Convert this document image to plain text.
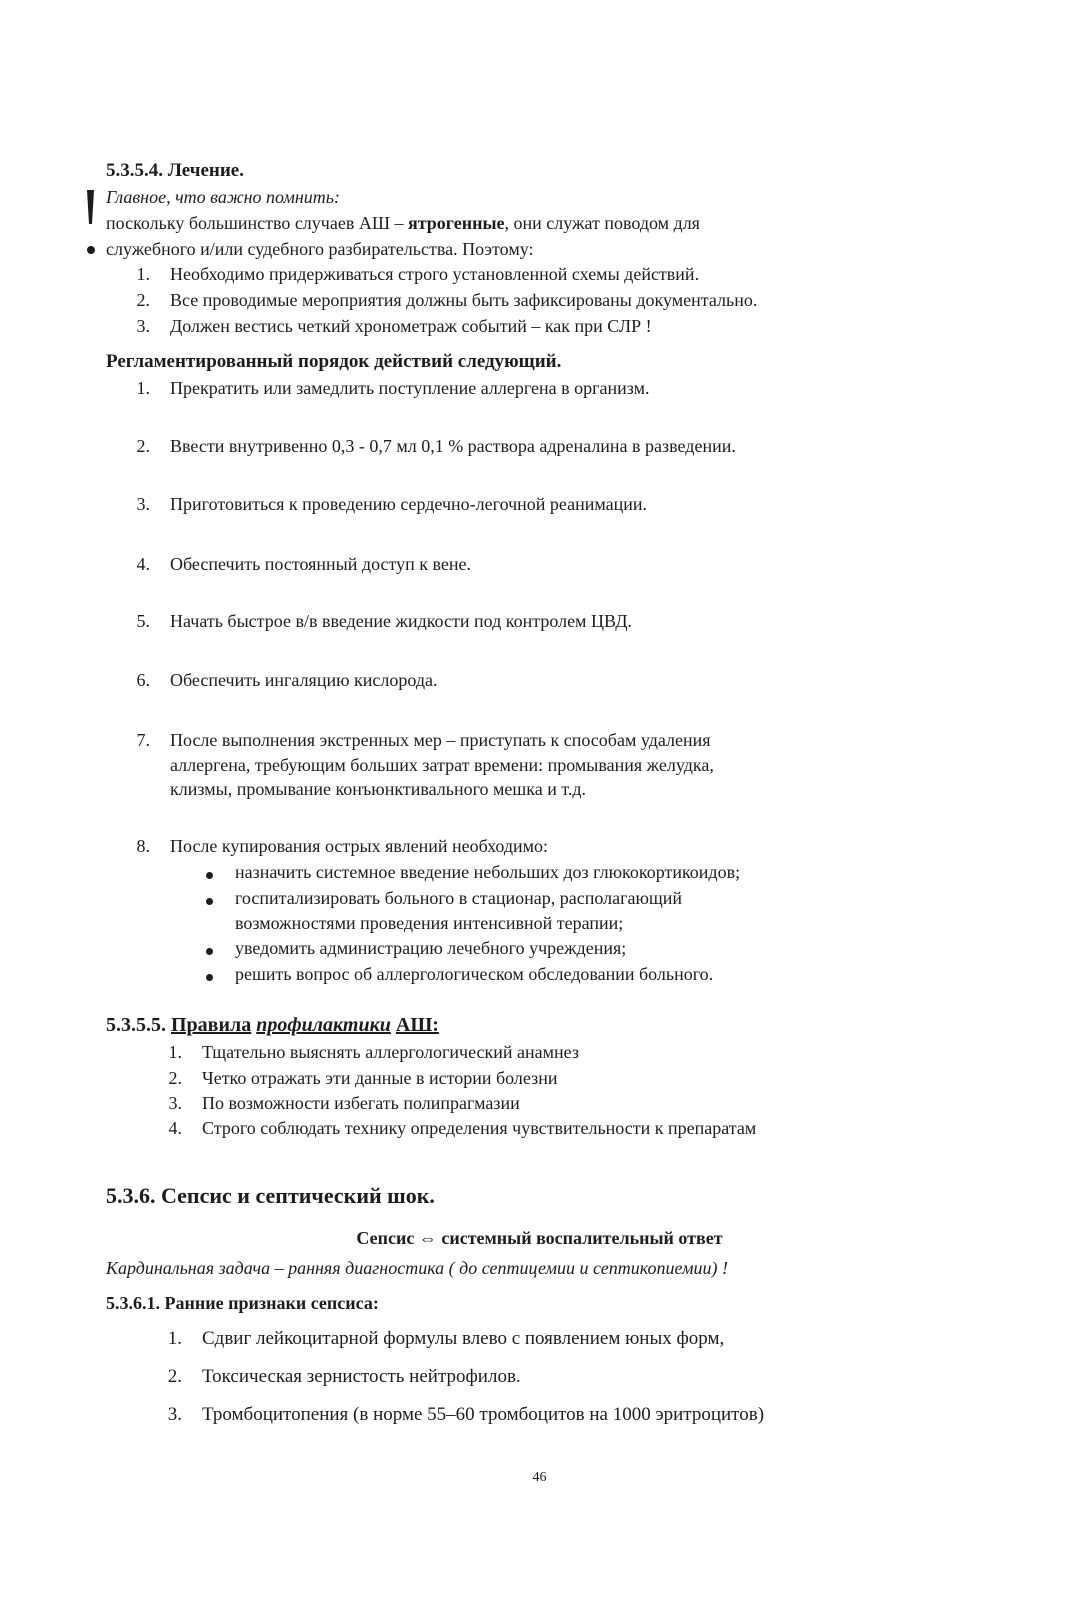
5.3.5.4. Лечение.
Главное, что важно помнить:
поскольку большинство случаев АШ – ятрогенные, они служат поводом для
служебного и/или судебного разбирательства. Поэтому:
1. Необходимо придерживаться строго установленной схемы действий.
2. Все проводимые мероприятия должны быть зафиксированы документально.
3. Должен вестись четкий хронометраж событий – как при СЛР !
Регламентированный порядок действий следующий.
1. Прекратить или замедлить поступление аллергена в организм.
2. Ввести внутривенно 0,3 - 0,7 мл 0,1 % раствора адреналина в разведении.
3. Приготовиться к проведению сердечно-легочной реанимации.
4. Обеспечить постоянный доступ к вене.
5. Начать быстрое в/в введение жидкости под контролем ЦВД.
6. Обеспечить ингаляцию кислорода.
7. После выполнения экстренных мер – приступать к способам удаления
аллергена, требующим больших затрат времени: промывания желудка,
клизмы, промывание конъюнктивального мешка и т.д.
8. После купирования острых явлений необходимо:
назначить системное введение небольших доз глюкокортикоидов;
госпитализировать больного в стационар, располагающий
возможностями проведения интенсивной терапии;
уведомить администрацию лечебного учреждения;
решить вопрос об аллергологическом обследовании больного.
5.3.5.5. Правила профилактики АШ:
1. Тщательно выяснять аллергологический анамнез
2. Четко отражать эти данные в истории болезни
3. По возможности избегать полипрагмазии
4. Строго соблюдать технику определения чувствительности к препаратам
5.3.6. Сепсис и септический шок.
Сепсис ⇔ системный воспалительный ответ
Кардинальная задача – ранняя диагностика ( до септицемии и септикопиемии) !
5.3.6.1. Ранние признаки сепсиса:
1. Сдвиг лейкоцитарной формулы влево с появлением юных форм,
2. Токсическая зернистость нейтрофилов.
3. Тромбоцитопения (в норме 55–60 тромбоцитов на 1000 эритроцитов)
46
